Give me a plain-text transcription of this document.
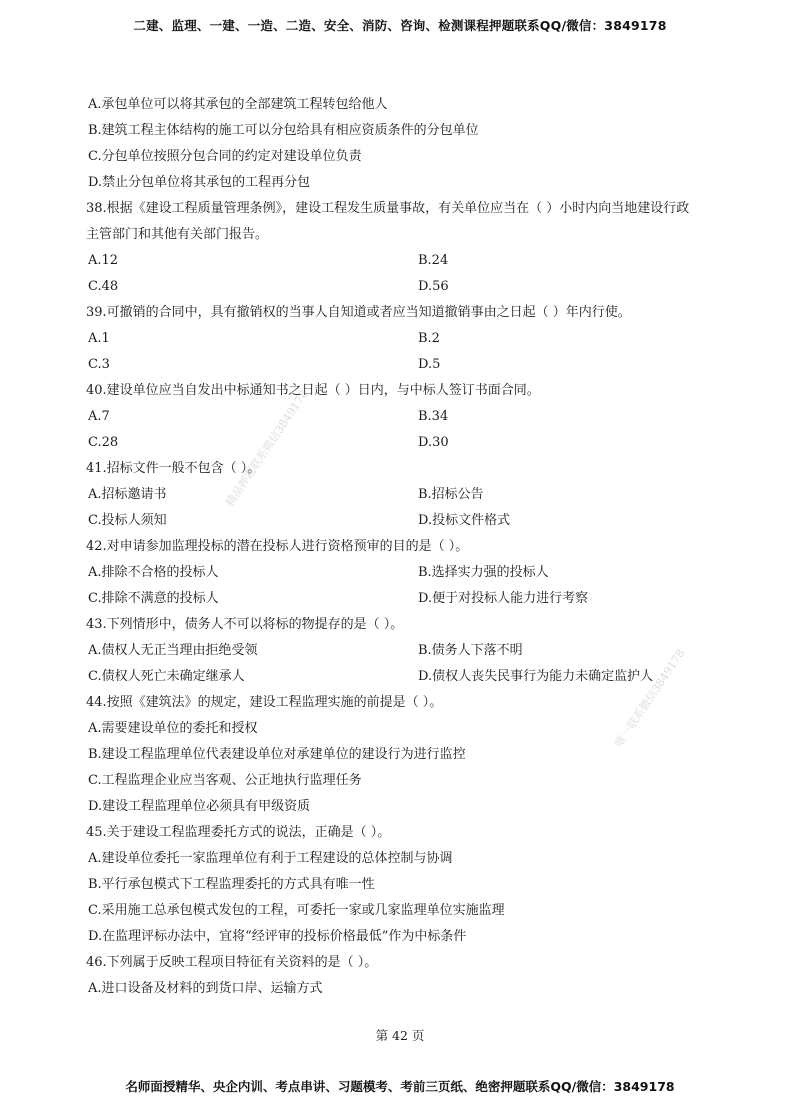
二建、监理、一建、一造、二造、安全、消防、咨询、检测课程押题联系QQ/微信：3849178
A.承包单位可以将其承包的全部建筑工程转包给他人
B.建筑工程主体结构的施工可以分包给具有相应资质条件的分包单位
C.分包单位按照分包合同的约定对建设单位负责
D.禁止分包单位将其承包的工程再分包
38.根据《建设工程质量管理条例》，建设工程发生质量事故，有关单位应当在（ ）小时内向当地建设行政
主管部门和其他有关部门报告。
A.12	B.24
C.48	D.56
39.可撤销的合同中，具有撤销权的当事人自知道或者应当知道撤销事由之日起（ ）年内行使。
A.1	B.2
C.3	D.5
40.建设单位应当自发出中标通知书之日起（ ）日内，与中标人签订书面合同。
A.7	B.34
C.28	D.30
41.招标文件一般不包含（ ）。
A.招标邀请书	B.招标公告
C.投标人须知	D.投标文件格式
42.对申请参加监理投标的潜在投标人进行资格预审的目的是（ ）。
A.排除不合格的投标人	B.选择实力强的投标人
C.排除不满意的投标人	D.便于对投标人能力进行考察
43.下列情形中，债务人不可以将标的物提存的是（ ）。
A.债权人无正当理由拒绝受领	B.债务人下落不明
C.债权人死亡未确定继承人	D.债权人丧失民事行为能力未确定监护人
44.按照《建筑法》的规定，建设工程监理实施的前提是（ ）。
A.需要建设单位的委托和授权
B.建设工程监理单位代表建设单位对承建单位的建设行为进行监控
C.工程监理企业应当客观、公正地执行监理任务
D.建设工程监理单位必须具有甲级资质
45.关于建设工程监理委托方式的说法，正确是（ ）。
A.建设单位委托一家监理单位有利于工程建设的总体控制与协调
B.平行承包模式下工程监理委托的方式具有唯一性
C.采用施工总承包模式发包的工程，可委托一家或几家监理单位实施监理
D.在监理评标办法中，宜将“经评审的投标价格最低”作为中标条件
46.下列属于反映工程项目特征有关资料的是（ ）。
A.进口设备及材料的到货口岸、运输方式
精品押题联系微信3849178
唯一联系微信3849178
第 42 页
名师面授精华、央企内训、考点串讲、习题模考、考前三页纸、绝密押题联系QQ/微信：3849178
